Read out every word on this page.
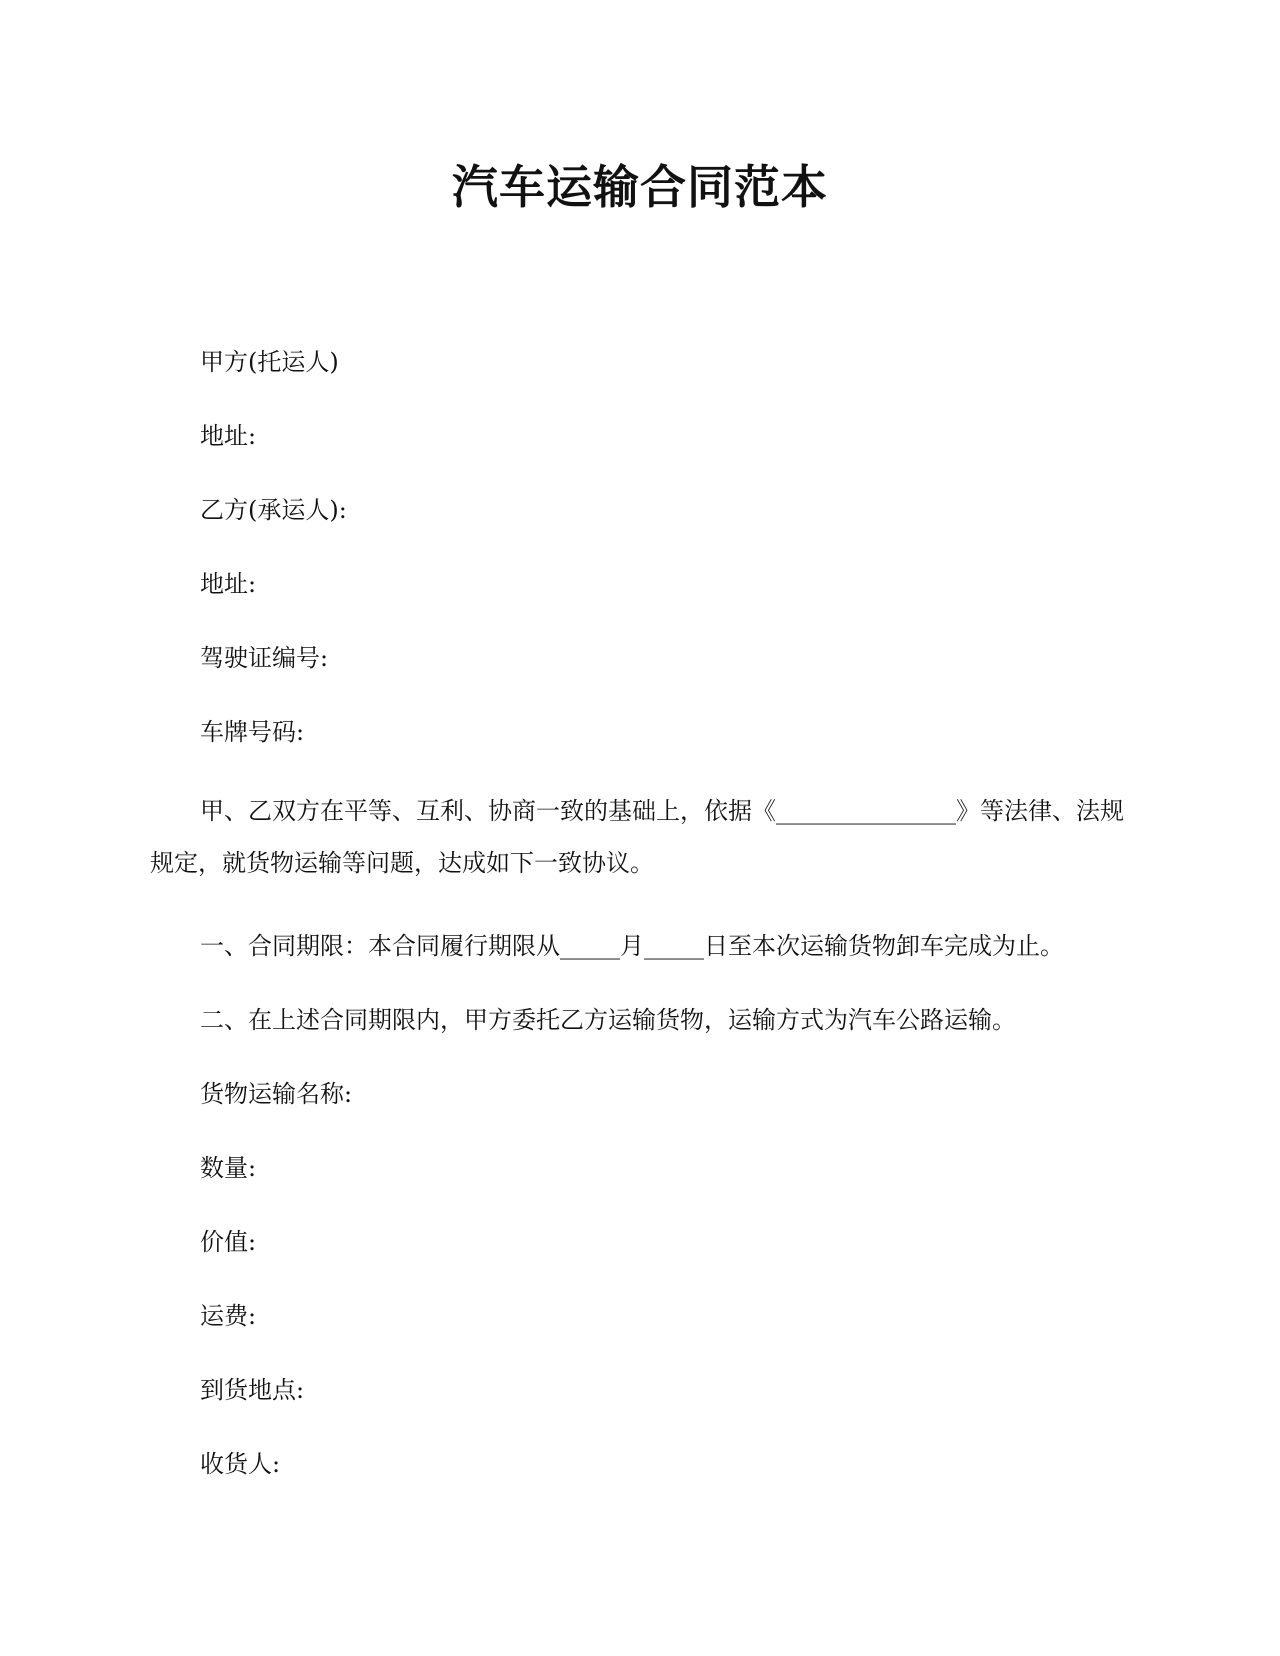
汽车运输合同范本

甲方(托运人)

地址:

乙方(承运人):

地址:

驾驶证编号:

车牌号码:

甲、乙双方在平等、互利、协商一致的基础上，依据《_______________》等法律、法规规定，就货物运输等问题，达成如下一致协议。

一、合同期限：本合同履行期限从_____月_____日至本次运输货物卸车完成为止。

二、在上述合同期限内，甲方委托乙方运输货物，运输方式为汽车公路运输。

货物运输名称:

数量:

价值:

运费:

到货地点:

收货人:
